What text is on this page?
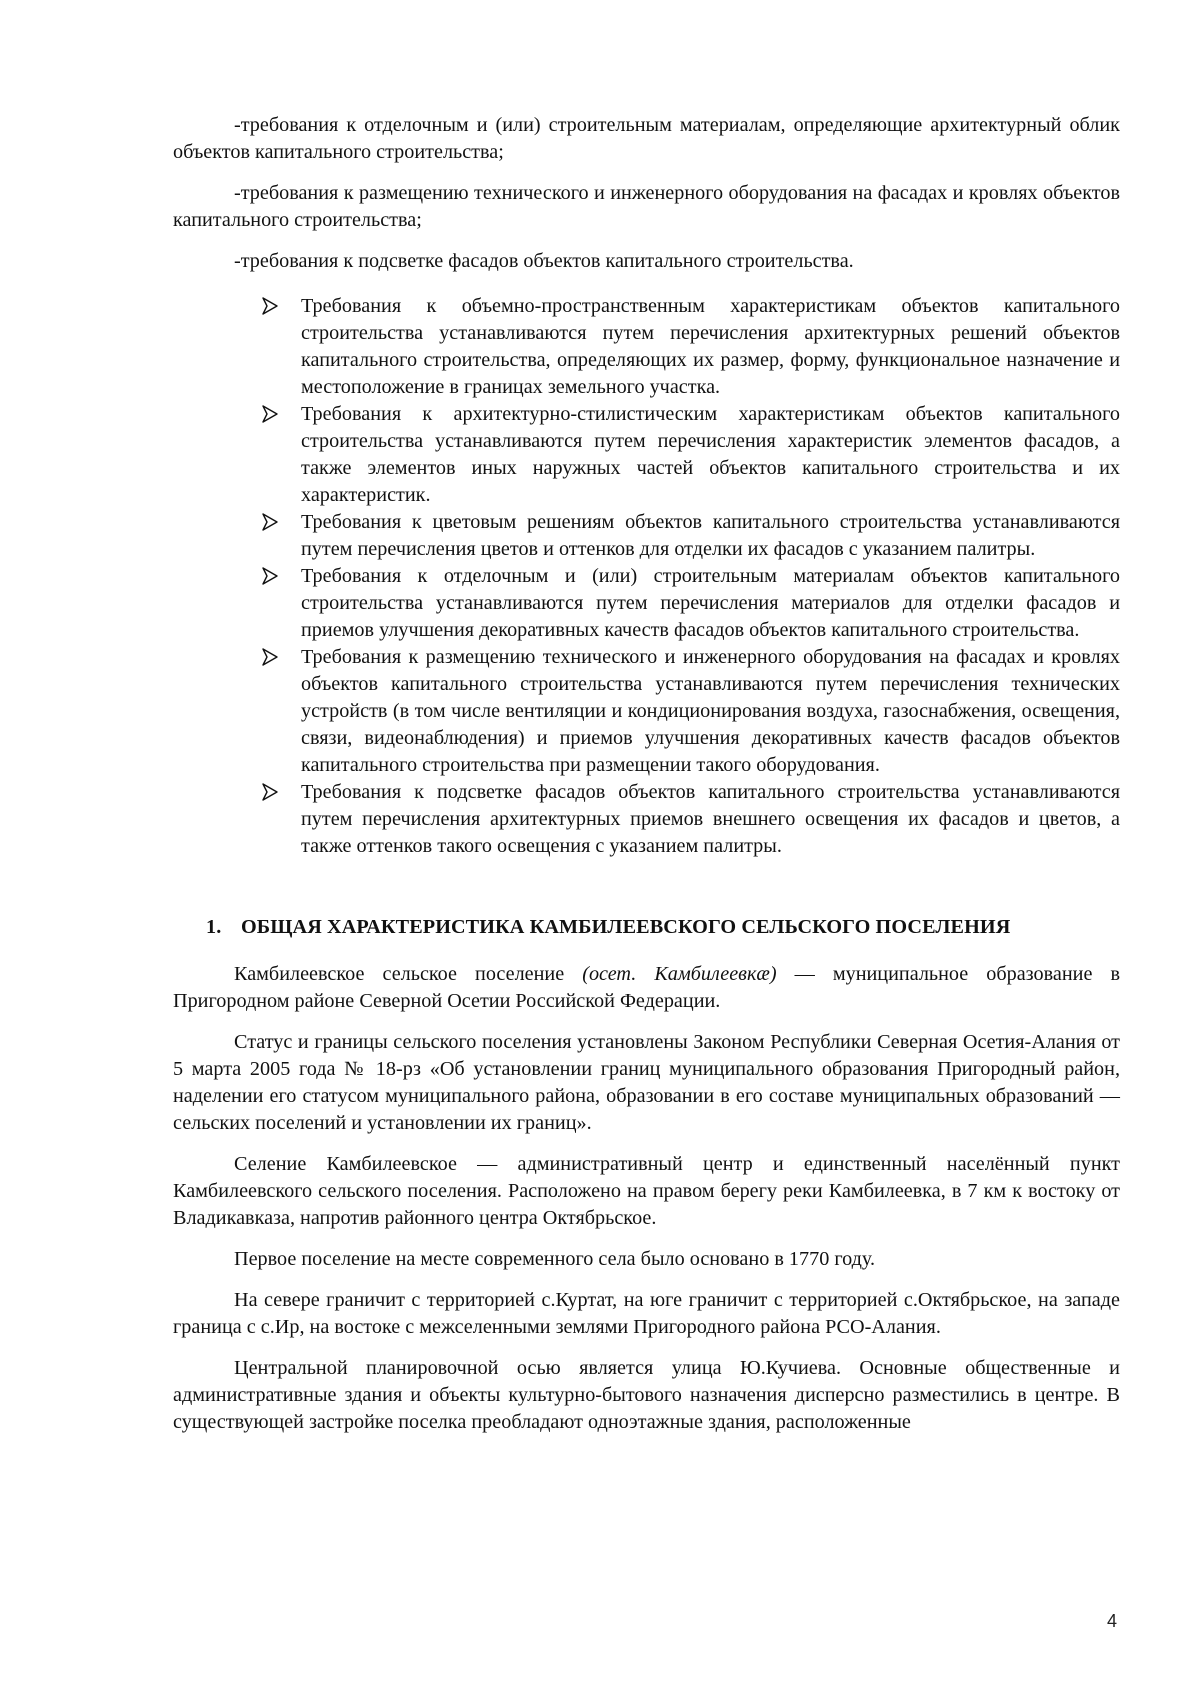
-требования к отделочным и (или) строительным материалам, определяющие архитектурный облик объектов капитального строительства;

-требования к размещению технического и инженерного оборудования на фасадах и кровлях объектов капитального строительства;

-требования к подсветке фасадов объектов капитального строительства.

Требования к объемно-пространственным характеристикам объектов капитального строительства устанавливаются путем перечисления архитектурных решений объектов капитального строительства, определяющих их размер, форму, функциональное назначение и местоположение в границах земельного участка.
Требования к архитектурно-стилистическим характеристикам объектов капитального строительства устанавливаются путем перечисления характеристик элементов фасадов, а также элементов иных наружных частей объектов капитального строительства и их характеристик.
Требования к цветовым решениям объектов капитального строительства устанавливаются путем перечисления цветов и оттенков для отделки их фасадов с указанием палитры.
Требования к отделочным и (или) строительным материалам объектов капитального строительства устанавливаются путем перечисления материалов для отделки фасадов и приемов улучшения декоративных качеств фасадов объектов капитального строительства.
Требования к размещению технического и инженерного оборудования на фасадах и кровлях объектов капитального строительства устанавливаются путем перечисления технических устройств (в том числе вентиляции и кондиционирования воздуха, газоснабжения, освещения, связи, видеонаблюдения) и приемов улучшения декоративных качеств фасадов объектов капитального строительства при размещении такого оборудования.
Требования к подсветке фасадов объектов капитального строительства устанавливаются путем перечисления архитектурных приемов внешнего освещения их фасадов и цветов, а также оттенков такого освещения с указанием палитры.
1. ОБЩАЯ ХАРАКТЕРИСТИКА КАМБИЛЕЕВСКОГО СЕЛЬСКОГО ПОСЕЛЕНИЯ

Камбилеевское сельское поселение (осет. Камбилеевкæ) — муниципальное образование в Пригородном районе Северной Осетии Российской Федерации.

Статус и границы сельского поселения установлены Законом Республики Северная Осетия-Алания от 5 марта 2005 года № 18-рз «Об установлении границ муниципального образования Пригородный район, наделении его статусом муниципального района, образовании в его составе муниципальных образований — сельских поселений и установлении их границ».

Селение Камбилеевское — административный центр и единственный населённый пункт Камбилеевского сельского поселения. Расположено на правом берегу реки Камбилеевка, в 7 км к востоку от Владикавказа, напротив районного центра Октябрьское.

Первое поселение на месте современного села было основано в 1770 году.

На севере граничит с территорией с.Куртат, на юге граничит с территорией с.Октябрьское, на западе граница с с.Ир, на востоке с межселенными землями Пригородного района РСО-Алания.

Центральной планировочной осью является улица Ю.Кучиева. Основные общественные и административные здания и объекты культурно-бытового назначения дисперсно разместились в центре. В существующей застройке поселка преобладают одноэтажные здания, расположенные

4
